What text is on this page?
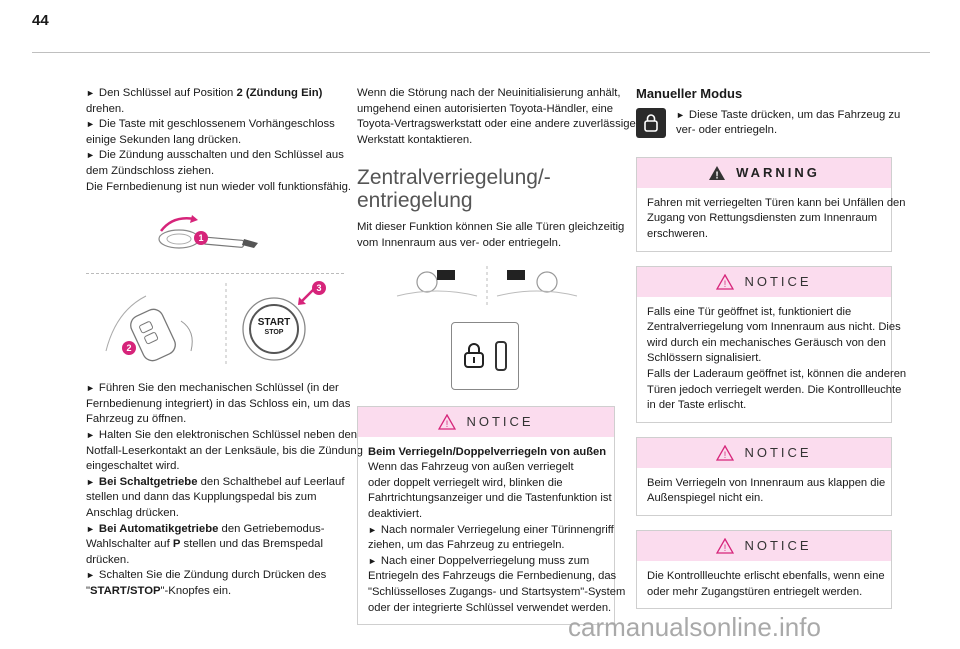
44
► Den Schlüssel auf Position 2 (Zündung Ein)
drehen.
► Die Taste mit geschlossenem Vorhängeschloss
einige Sekunden lang drücken.
► Die Zündung ausschalten und den Schlüssel aus
dem Zündschloss ziehen.
Die Fernbedienung ist nun wieder voll funktionsfähig.
1
START
STOP
2
3
► Führen Sie den mechanischen Schlüssel (in der
Fernbedienung integriert) in das Schloss ein, um das
Fahrzeug zu öffnen.
► Halten Sie den elektronischen Schlüssel neben den
Notfall-Leserkontakt an der Lenksäule, bis die Zündung
eingeschaltet wird.
► Bei Schaltgetriebe den Schalthebel auf Leerlauf
stellen und dann das Kupplungspedal bis zum
Anschlag drücken.
► Bei Automatikgetriebe den Getriebemodus-
Wahlschalter auf P stellen und das Bremspedal
drücken.
► Schalten Sie die Zündung durch Drücken des
"START/STOP"-Knopfes ein.
Wenn die Störung nach der Neuinitialisierung anhält,
umgehend einen autorisierten Toyota-Händler, eine
Toyota-Vertragswerkstatt oder eine andere zuverlässige
Werkstatt kontaktieren.
Zentralverriegelung/-
entriegelung
Mit dieser Funktion können Sie alle Türen gleichzeitig
vom Innenraum aus ver- oder entriegeln.
! NOTICE
Beim Verriegeln/Doppelverriegeln von außen
Wenn das Fahrzeug von außen verriegelt
oder doppelt verriegelt wird, blinken die
Fahrtrichtungsanzeiger und die Tastenfunktion ist
deaktiviert.
► Nach normaler Verriegelung einer Türinnengriff
ziehen, um das Fahrzeug zu entriegeln.
► Nach einer Doppelverriegelung muss zum
Entriegeln des Fahrzeugs die Fernbedienung, das
"Schlüsselloses Zugangs- und Startsystem"-System
oder der integrierte Schlüssel verwendet werden.
Manueller Modus
► Diese Taste drücken, um das Fahrzeug zu
ver- oder entriegeln.
! WARNING
Fahren mit verriegelten Türen kann bei Unfällen den
Zugang von Rettungsdiensten zum Innenraum
erschweren.
! NOTICE
Falls eine Tür geöffnet ist, funktioniert die
Zentralverriegelung vom Innenraum aus nicht. Dies
wird durch ein mechanisches Geräusch von den
Schlössern signalisiert.
Falls der Laderaum geöffnet ist, können die anderen
Türen jedoch verriegelt werden. Die Kontrollleuchte
in der Taste erlischt.
! NOTICE
Beim Verriegeln von Innenraum aus klappen die
Außenspiegel nicht ein.
! NOTICE
Die Kontrollleuchte erlischt ebenfalls, wenn eine
oder mehr Zugangstüren entriegelt werden.
carmanualsonline.info
